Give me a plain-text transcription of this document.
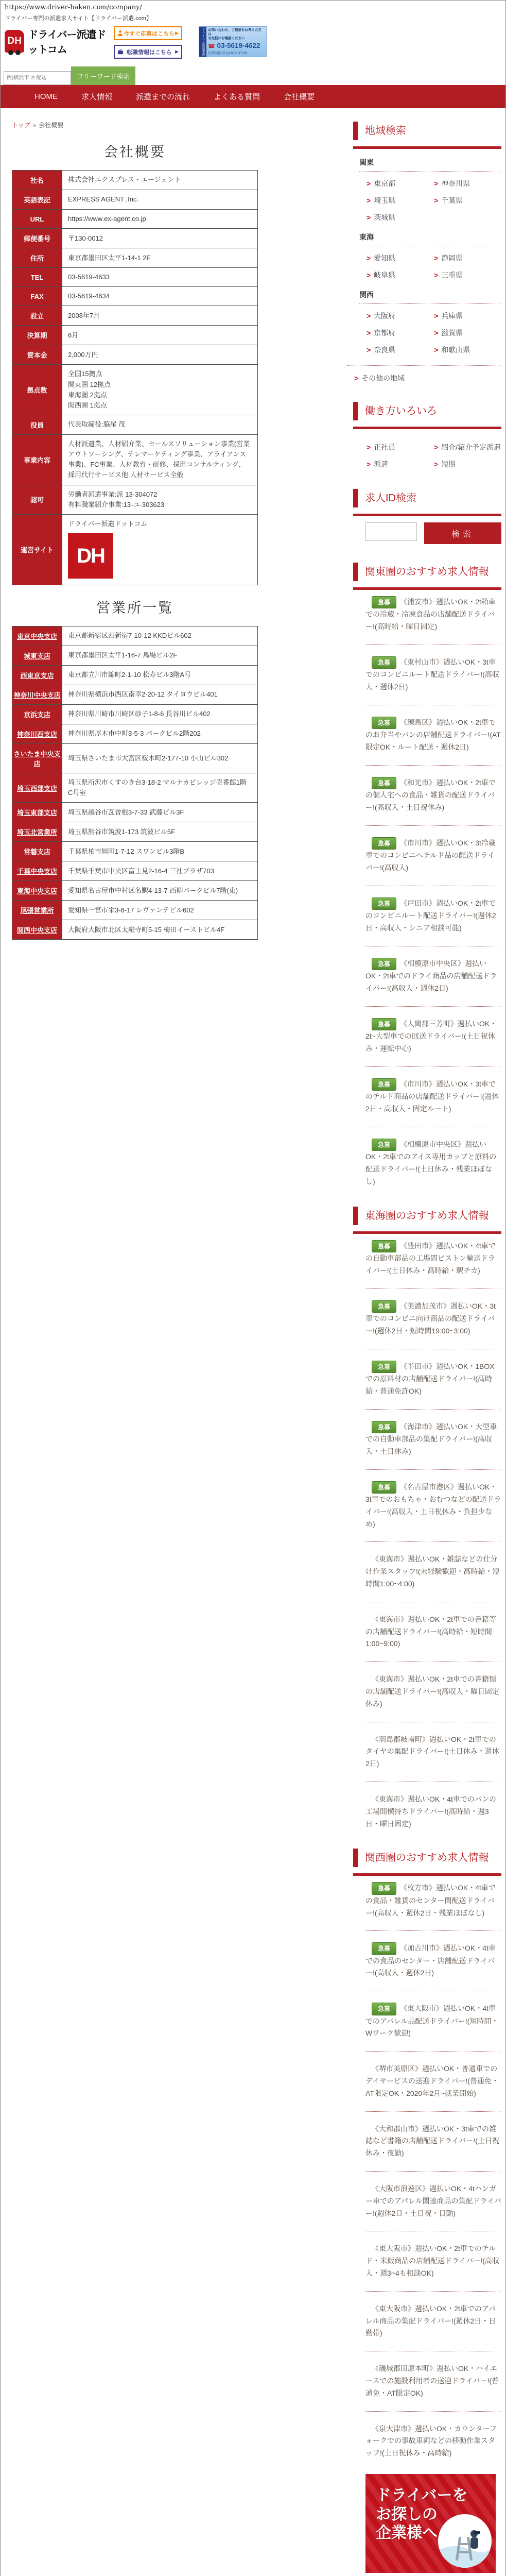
https://www.driver-haken.com/company/
ドライバー専門の派遣求人サイト【ドライバー派遣.com】
DH
ドライバー派遣ドットコム
今すぐ応募はこちら ▶
転職情報はこちら ▶	ドライバー派遣事務局
お問い合わせ、ご相談をお考えの方は
お気軽にお電話ください
☎ 03-5619-4622
営業時間:平日10:00-17:00
例)横浜市 2t 配送
フリーワード検索
HOME	求人情報	派遣までの流れ	よくある質問	会社概要
トップ » 会社概要
会社概要
社名	株式会社エクスプレス・エージェント
英語表記	EXPRESS AGENT ,Inc.
URL	https://www.ex-agent.co.jp
郵便番号	〒130-0012
住所	東京都墨田区太平1-14-1 2F
TEL	03-5619-4633
FAX	03-5619-4634
設立	2008年7月
決算期	6月
資本金	2,000万円
拠点数	全国15拠点
関東圏 12拠点
東海圏 2拠点
関西圏 1拠点
役員	代表取締役:脇尾 茂
事業内容	人材派遣業、人材紹介業、セールスソリューション事業(営業アウトソーシング、テレマーケティング事業、アライアンス事業)、FC事業、人材教育・研修、採用コンサルティング、採用代行サービス他 人材サービス全般
認可	労働者派遣事業:派 13-304072
有料職業紹介事業:13-ユ-303623
運営サイト	ドライバー派遣ドットコム
DH
営業所一覧
東京中央支店	東京都新宿区西新宿7-10-12 KKDビル602
城東支店	東京都墨田区太平1-16-7 馬場ビル2F
西東京支店	東京都立川市錦町2-1-10 松寿ビル3階A号
神奈川中央支店	神奈川県横浜市西区南幸2-20-12 タイヨウビル401
京浜支店	神奈川県川崎市川崎区砂子1-8-6 長谷川ビル402
神奈川西支店	神奈川県厚木市中町3-5-3 パークビル2階202
さいたま中央支店	埼玉県さいたま市大宮区桜木町2-177-10 小山ビル302
埼玉西部支店	埼玉県所沢市くすのき台3-18-2 マルナカビレッジ壱番館1階 C号室
埼玉東部支店	埼玉県越谷市瓦曽根3-7-33 武藤ビル3F
埼玉北営業所	埼玉県熊谷市筑波1-173 筑波ビル5F
常磐支店	千葉県柏市旭町1-7-12 スワンビル3階B
千葉中央支店	千葉県千葉市中央区富士見2-16-4 三社プラザ703
東海中央支店	愛知県名古屋市中村区名駅4-13-7 西柳パークビル7階(東)
尾張営業所	愛知県一宮市栄3-8-17 レヴァンテビル602
関西中央支店	大阪府大阪市北区太融寺町5-15 梅田イーストビル4F
地域検索
関東
> 東京都	> 神奈川県
> 埼玉県	> 千葉県
> 茨城県
東海
> 愛知県	> 静岡県
> 岐阜県	> 三重県
関西
> 大阪府	> 兵庫県
> 京都府	> 滋賀県
> 奈良県	> 和歌山県
> その他の地域
働き方いろいろ
> 正社員	> 紹介/紹介予定派遣
> 派遣	> 短期
求人ID検索
検索
関東圏のおすすめ求人情報

急募 《浦安市》週払いOK・2t箱車での冷蔵・冷凍食品の店舗配送ドライバー!(高時給・曜日固定)

急募 《東村山市》週払いOK・3t車でのコンビニルート配送ドライバー!(高収入・週休2日)

急募 《練馬区》週払いOK・2t車でのお弁当やパンの店舗配送ドライバー!(AT限定OK・ルート配送・週休2日)

急募 《和光市》週払いOK・2t車での個人宅への食品・雑貨の配送ドライバー!(高収入・土日祝休み)

急募 《市川市》週払いOK・3t冷蔵車でのコンビニへチルド品の配送ドライバー!(高収入)

急募 《戸田市》週払いOK・2t車でのコンビニルート配送ドライバー!(週休2日・高収入・シニア相談可能)

急募 《相模原市中央区》週払いOK・2t車でのドライ商品の店舗配送ドライバー!(高収入・週休2日)

急募 《入間郡三芳町》週払いOK・2t~大型車での回送ドライバー!(土日祝休み・運転中心)

急募 《市川市》週払いOK・3t車でのチルド商品の店舗配送ドライバー!(週休2日・高収入・固定ルート)

急募 《相模原市中央区》週払いOK・2t車でのアイス専用カップと原料の配送ドライバー!(土日休み・残業ほぼなし)

東海圏のおすすめ求人情報

急募 《豊田市》週払いOK・4t車での自動車部品の工場間ピストン輸送ドライバー!(土日休み・高時給・駅チカ)

急募 《美濃加茂市》週払いOK・3t車でのコンビニ向け商品の配送ドライバー!(週休2日・短時間19:00~3:00)

急募 《半田市》週払いOK・1BOXでの原料材の店舗配送ドライバー!(高時給・普通免許OK)

急募 《海津市》週払いOK・大型車での自動車部品の集配ドライバー!(高収入・土日休み)

急募 《名古屋市港区》週払いOK・3t車でのおもちゃ・おむつなどの配送ドライバー!(高収入・土日祝休み・負担少なめ)

《東海市》週払いOK・雑誌などの仕分け作業スタッフ!(未経験歓迎・高時給・短時間1:00~4:00)

《東海市》週払いOK・2t車での書籍等の店舗配送ドライバー!(高時給・短時間1:00~9:00)

《東海市》週払いOK・2t車での書籍類の店舗配送ドライバー!(高収入・曜日固定休み)

《羽島郡岐南町》週払いOK・2t車でのタイヤの集配ドライバー!(土日休み・週休2日)

《東海市》週払いOK・4t車でのパンの工場間横持ちドライバー!(高時給・週3日・曜日固定)

関西圏のおすすめ求人情報

急募 《枚方市》週払いOK・4t車での食品・雑貨のセンター間配送ドライバー!(高収入・週休2日・残業ほぼなし)

急募 《加古川市》週払いOK・4t車での食品のセンター・店舗配送ドライバー!(高収入・週休2日)

急募 《東大阪市》週払いOK・4t車でのアパレル品配送ドライバー!(短時間・Wワーク歓迎)

《堺市美原区》週払いOK・普通車でのデイサービスの送迎ドライバー!(普通免・AT限定OK・2020年2月~就業開始)

《大和郡山市》週払いOK・3t車での雑誌など書籍の店舗配送ドライバー!(土日祝休み・夜勤)

《大阪市浪速区》週払いOK・4tハンガー車でのアパレル関連商品の集配ドライバー!(週休2日・土日祝・日勤)

《東大阪市》週払いOK・2t車でのチルド・米飯商品の店舗配送ドライバー!(高収入・週3~4も相談OK)

《東大阪市》週払いOK・2t車でのアパレル商品の集配ドライバー!(週休2日・日勤帯)

《磯城郡田原本町》週払いOK・ハイエースでの施設利用者の送迎ドライバー!(普通免・AT限定OK)

《泉大津市》週払いOK・カウンターフォークでの事故車両などの移動作業スタッフ!(土日祝休み・高時給)

ドライバーを
お探しの
企業様へ
